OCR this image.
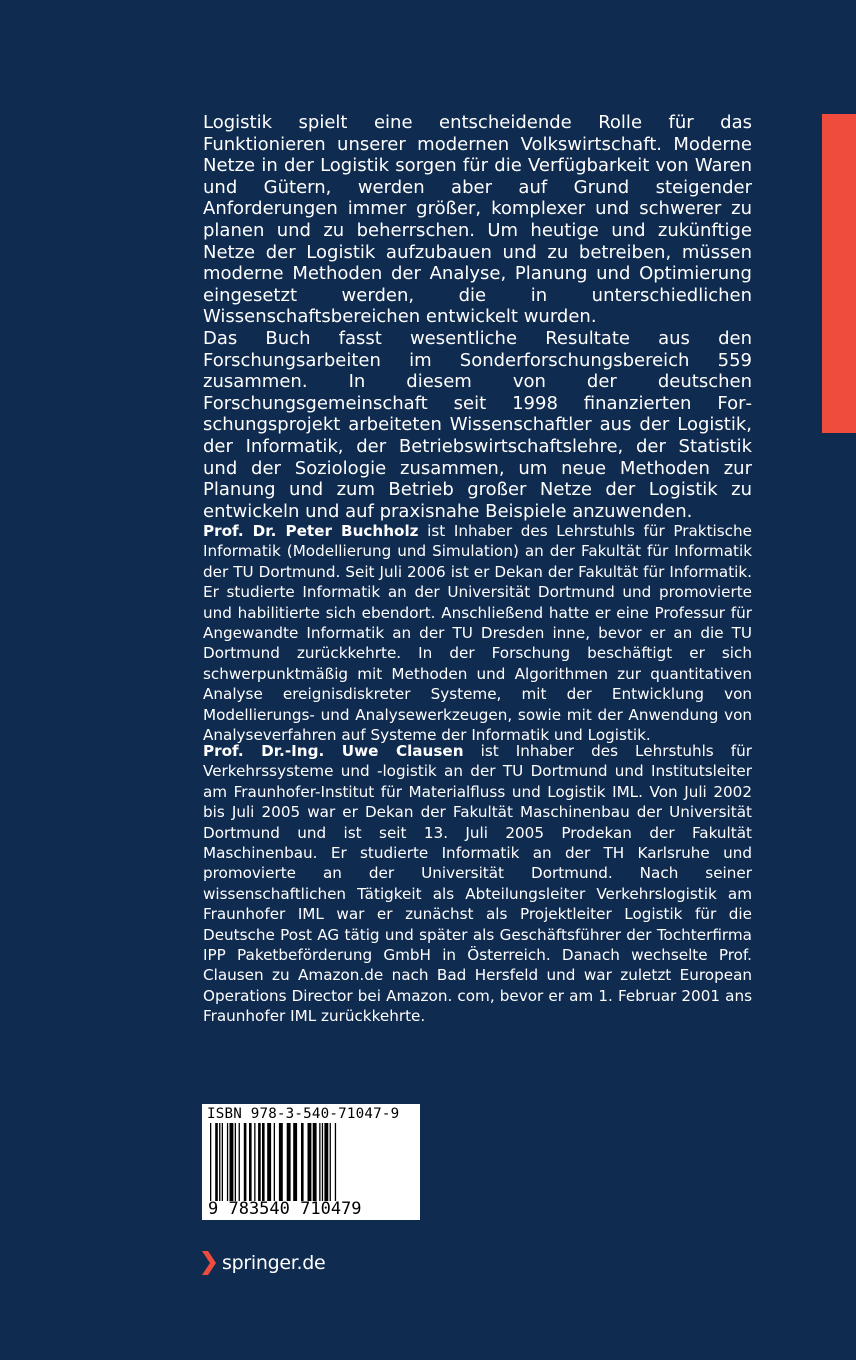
Logistik spielt eine entscheidende Rolle für das Funktionieren unserer modernen Volkswirtschaft. Moderne Netze in der Logistik sorgen für die Verfügbarkeit von Waren und Gütern, werden aber auf Grund steigender Anforderungen immer größer, komplexer und schwerer zu planen und zu beherrschen. Um heutige und zukünftige Netze der Logistik aufzubauen und zu betreiben, müssen moderne Methoden der Analyse, Planung und Optimierung eingesetzt werden, die in unterschiedlichen Wissenschaftsbereichen entwickelt wurden.

Das Buch fasst wesentliche Resultate aus den Forschungsarbeiten im Sonderforschungsbereich 559 zusammen. In diesem von der deutschen Forschungsgemeinschaft seit 1998 finanzierten Forschungsprojekt arbeiteten Wissenschaftler aus der Logistik, der Informatik, der Betriebswirtschaftslehre, der Statistik und der Soziologie zusammen, um neue Methoden zur Planung und zum Betrieb großer Netze der Logistik zu entwickeln und auf praxisnahe Beispiele anzuwenden.

Prof. Dr. Peter Buchholz ist Inhaber des Lehrstuhls für Praktische Informatik (Modellierung und Simulation) an der Fakultät für Informatik der TU Dortmund. Seit Juli 2006 ist er Dekan der Fakultät für Informatik. Er studierte Informatik an der Universität Dortmund und promovierte und habilitierte sich ebendort. Anschließend hatte er eine Professur für Angewandte Informatik an der TU Dresden inne, bevor er an die TU Dortmund zurückkehrte. In der Forschung beschäftigt er sich schwerpunktmäßig mit Methoden und Algorithmen zur quantitativen Analyse ereignisdiskreter Systeme, mit der Entwicklung von Modellierungs- und Analysewerkzeugen, sowie mit der Anwendung von Analyseverfahren auf Systeme der Informatik und Logistik.

Prof. Dr.-Ing. Uwe Clausen ist Inhaber des Lehrstuhls für Verkehrssysteme und -logistik an der TU Dortmund und Institutsleiter am Fraunhofer-Institut für Materialfluss und Logistik IML. Von Juli 2002 bis Juli 2005 war er Dekan der Fakultät Maschinenbau der Universität Dortmund und ist seit 13. Juli 2005 Prodekan der Fakultät Maschinenbau. Er studierte Informatik an der TH Karlsruhe und promovierte an der Universität Dortmund. Nach seiner wissenschaftlichen Tätigkeit als Abteilungsleiter Verkehrslogistik am Fraunhofer IML war er zunächst als Projektleiter Logistik für die Deutsche Post AG tätig und später als Geschäftsführer der Tochterfirma IPP Paketbeförderung GmbH in Österreich. Danach wechselte Prof. Clausen zu Amazon.de nach Bad Hersfeld und war zuletzt European Operations Director bei Amazon. com, bevor er am 1. Februar 2001 ans Fraunhofer IML zurückkehrte.

ISBN 978-3-540-71047-9
9 783540 710479
springer.de
